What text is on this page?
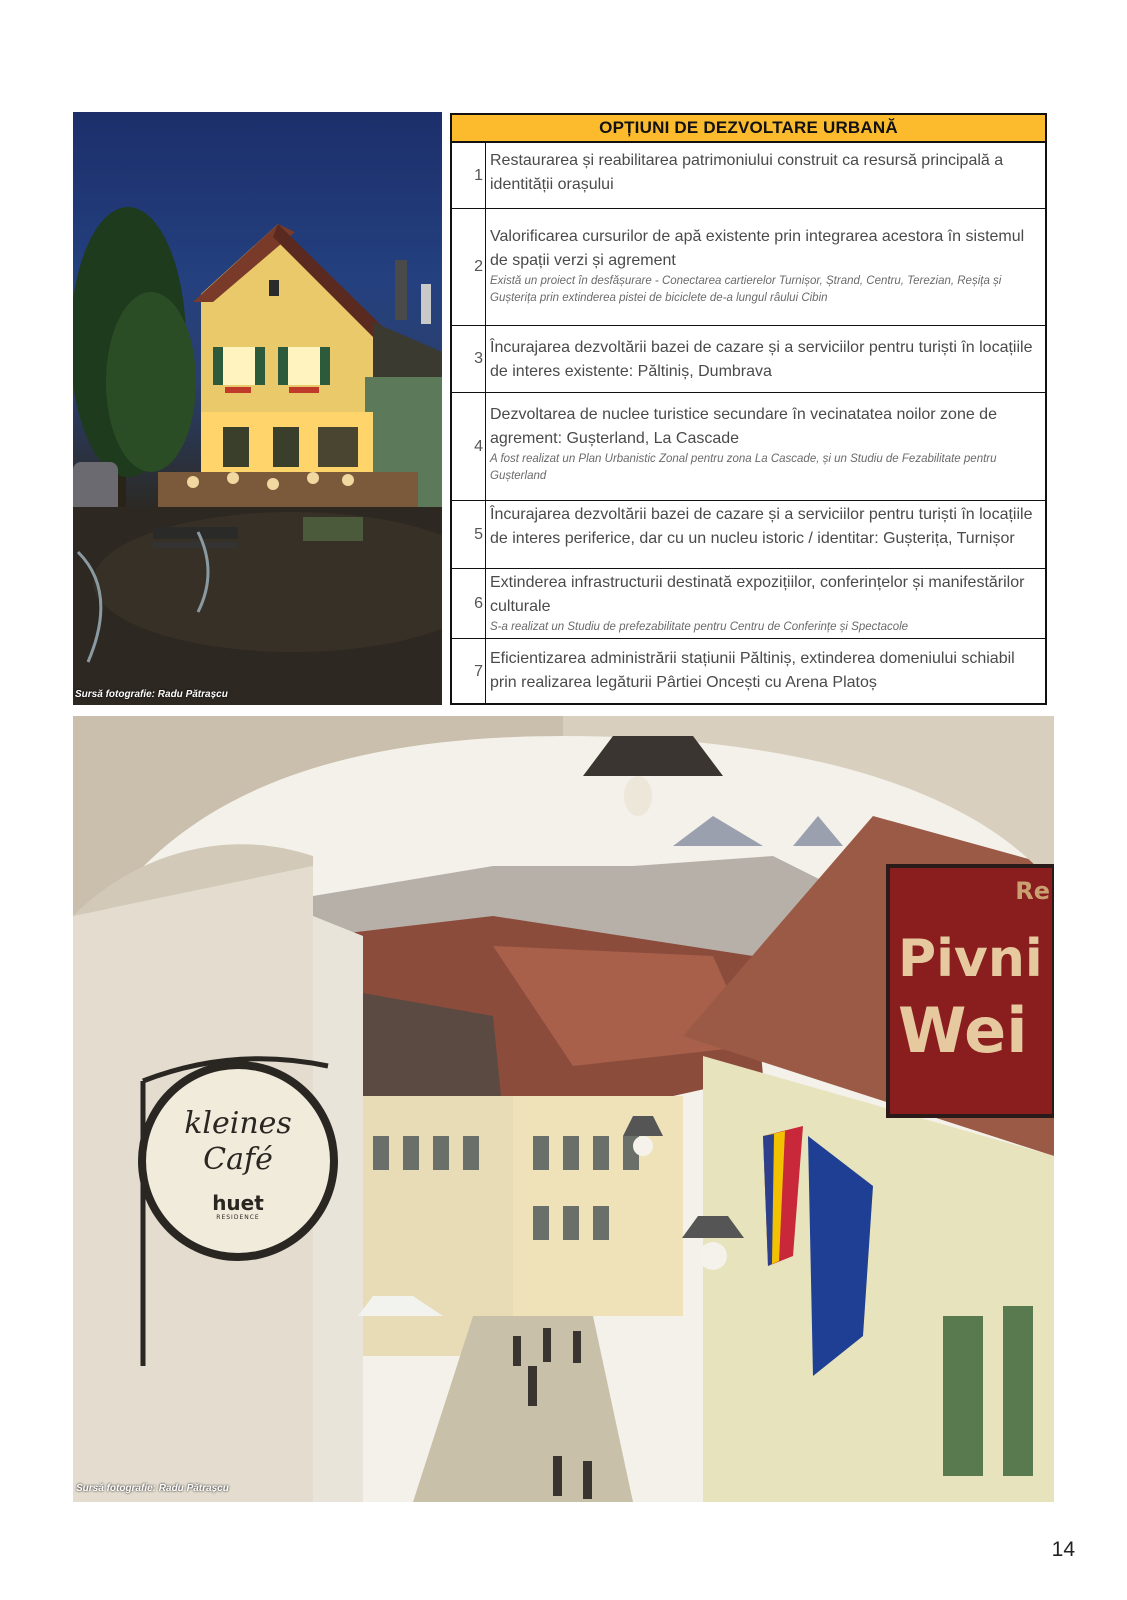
Sursă fotografie: Radu Pătrașcu
OPȚIUNI DE DEZVOLTARE URBANĂ
1
Restaurarea și reabilitarea patrimoniului construit ca resursă principală a identității orașului
2
Valorificarea cursurilor de apă existente prin integrarea acestora în sistemul de spații verzi și agrement
Există un proiect în desfășurare - Conectarea cartierelor Turnișor, Ștrand, Centru, Terezian, Reșița și Gușterița prin extinderea pistei de biciclete de-a lungul râului Cibin
3
Încurajarea dezvoltării bazei de cazare și a serviciilor pentru turiști în locațiile de interes existente: Păltiniș, Dumbrava
4
Dezvoltarea de nuclee turistice secundare în vecinatatea noilor zone de agrement: Gușterland, La Cascade
A fost realizat un Plan Urbanistic Zonal pentru zona La Cascade, și un Studiu de Fezabilitate pentru Gușterland
5
Încurajarea dezvoltării bazei de cazare și a serviciilor pentru turiști în locațiile de interes periferice, dar cu un nucleu istoric / identitar: Gușterița, Turnișor
6
Extinderea infrastructurii destinată expozițiilor, conferințelor și manifestărilor culturale
S-a realizat un Studiu de prefezabilitate pentru Centru de Conferințe și Spectacole
7
Eficientizarea administrării stațiunii Păltiniș, extinderea domeniului schiabil prin realizarea legăturii Pârtiei Oncești cu Arena Platoș
kleines Café
huet
RESIDENCE
Re
Pivni
Wei
Sursă fotografie: Radu Pătrașcu
14
